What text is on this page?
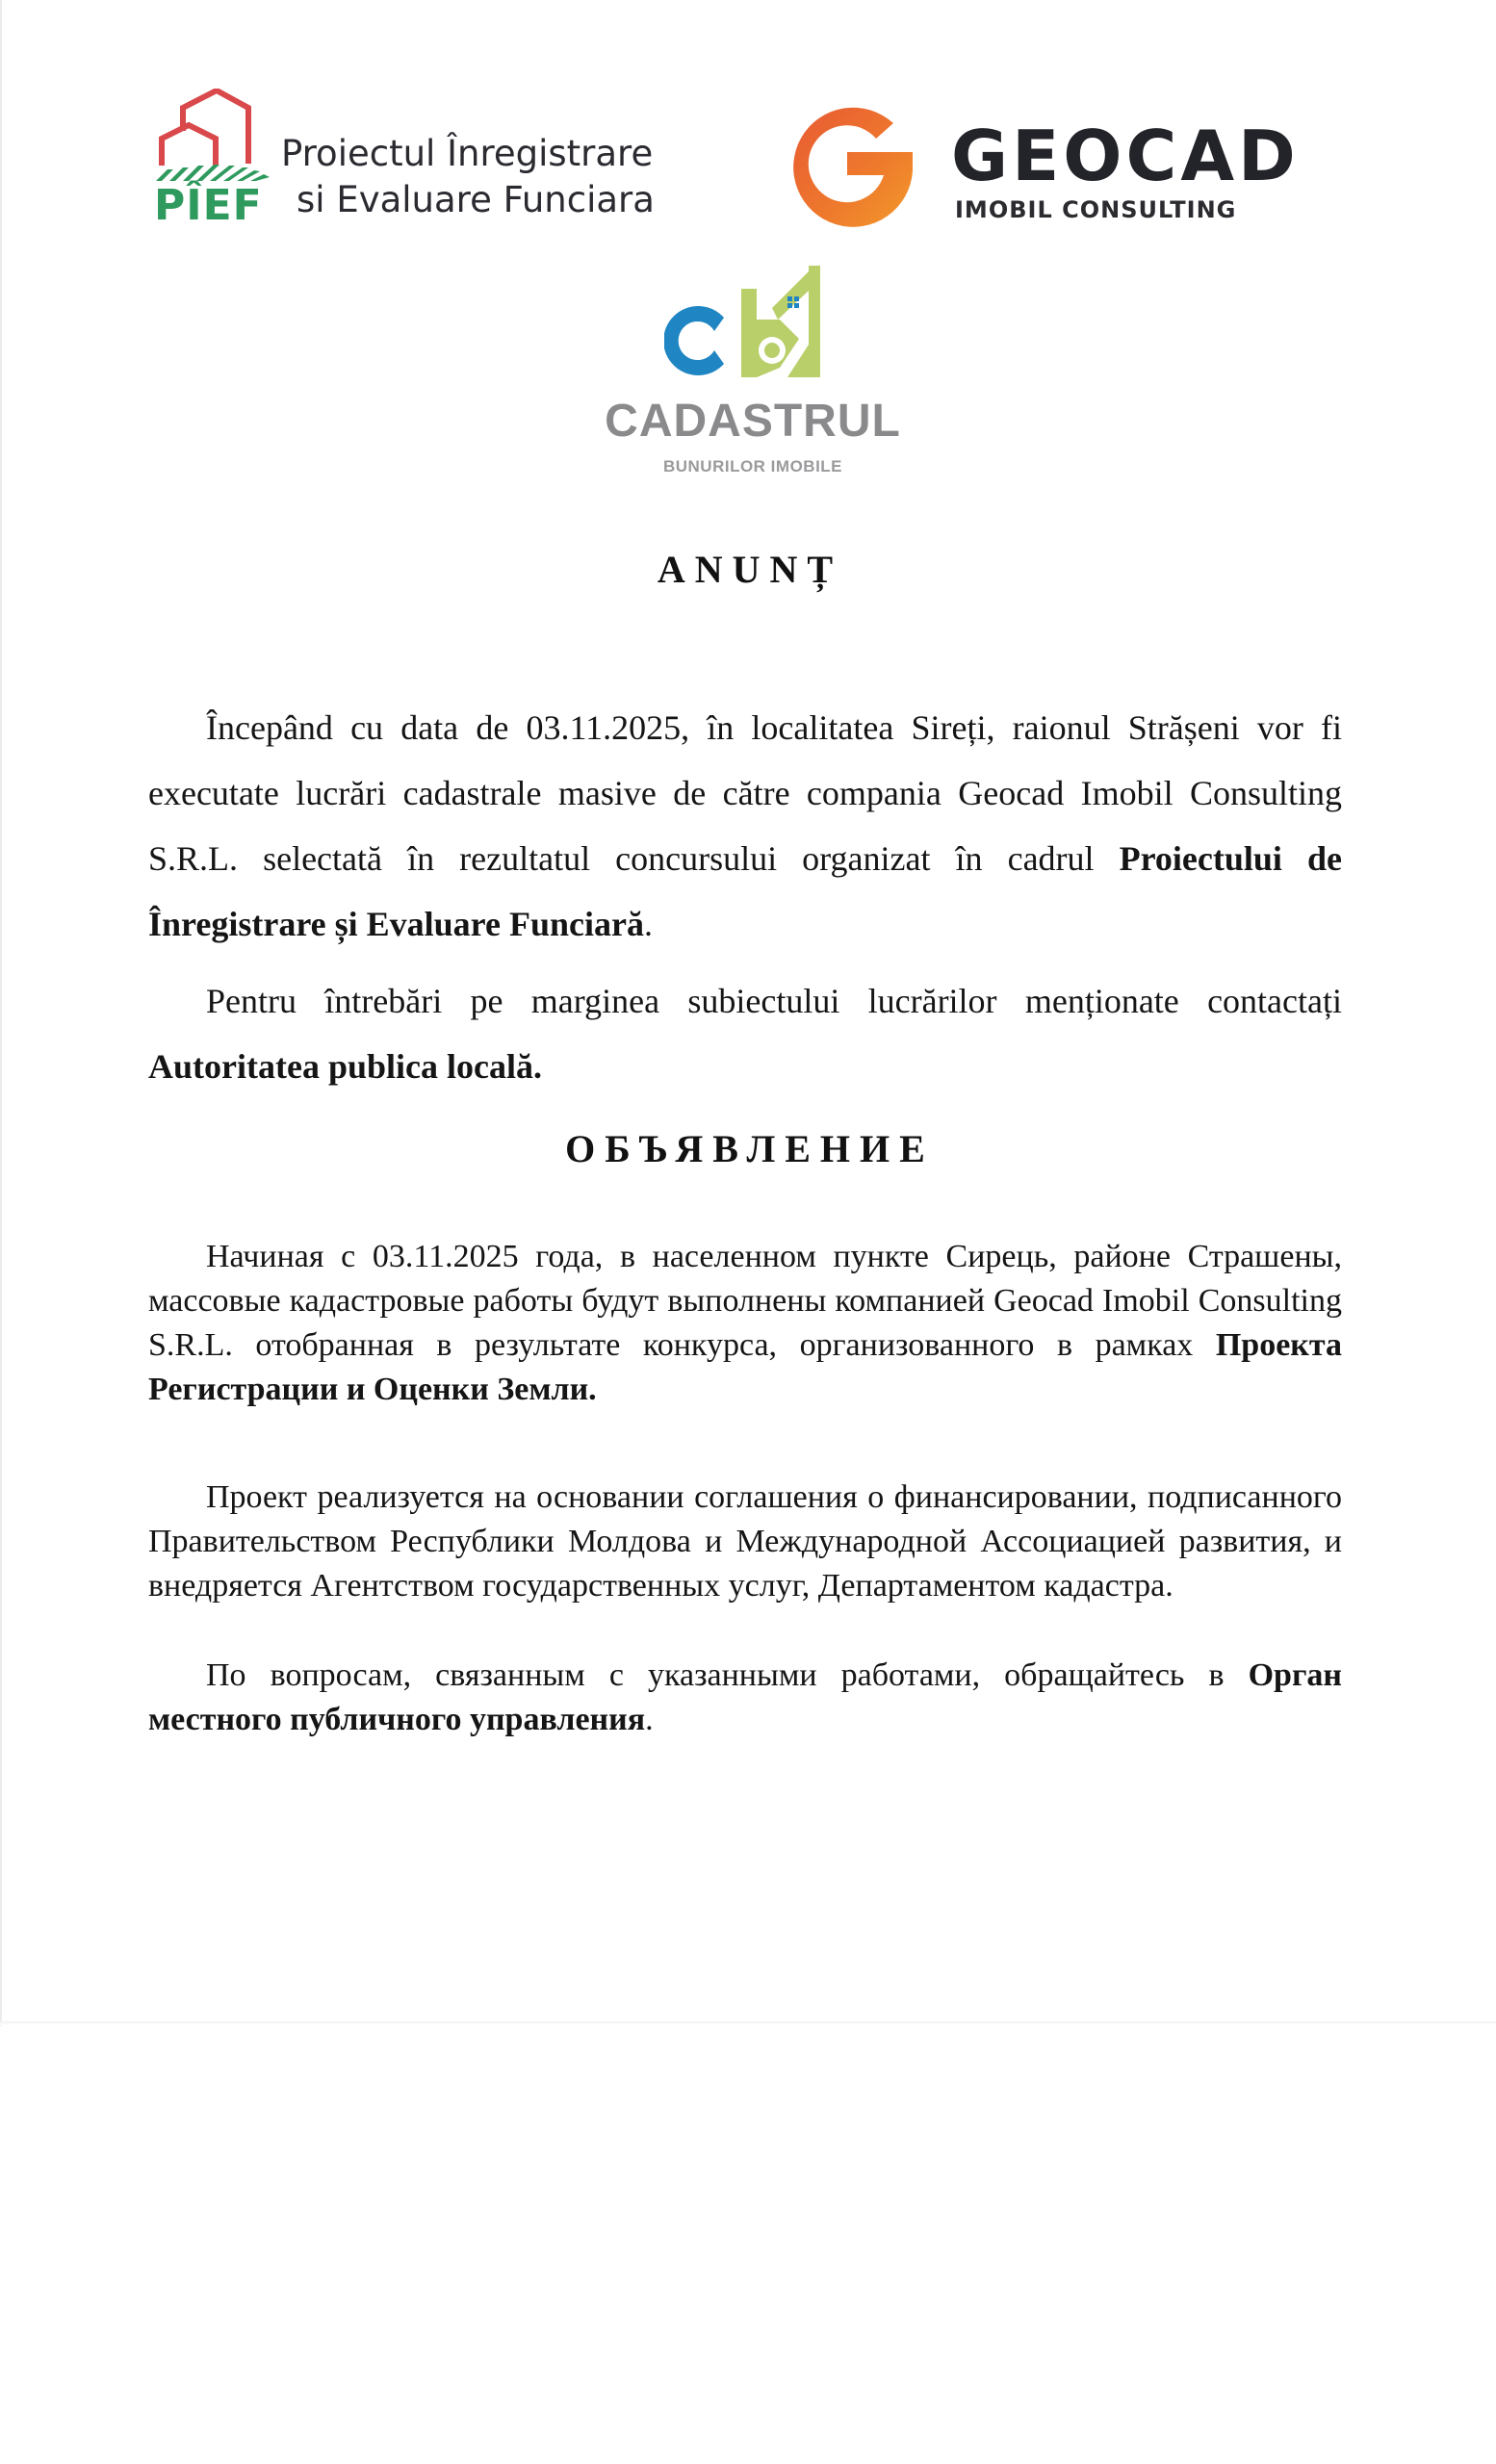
PÎEF
Proiectul Înregistrare
si Evaluare Funciara
GEOCAD
IMOBIL CONSULTING
CADASTRUL
BUNURILOR IMOBILE
ANUNȚ
Începând cu data de 03.11.2025, în localitatea Sireți, raionul Strășeni vor fi executate lucrări cadastrale masive de către compania Geocad Imobil Consulting S.R.L. selectată în rezultatul concursului organizat în cadrul Proiectului de Înregistrare și Evaluare Funciară.
Pentru întrebări pe marginea subiectului lucrărilor menționate contactați Autoritatea publica locală.
ОБЪЯВЛЕНИЕ
Начиная с 03.11.2025 года, в населенном пункте Сирець, районе Страшены, массовые кадастровые работы будут выполнены компанией Geocad Imobil Consulting S.R.L. отобранная в результате конкурса, организованного в рамках Проекта Регистрации и Оценки Земли.
Проект реализуется на основании соглашения о финансировании, подписанного Правительством Республики Молдова и Международной Ассоциацией развития, и внедряется Агентством государственных услуг, Департаментом кадастра.
По вопросам, связанным с указанными работами, обращайтесь в Орган местного публичного управления.
